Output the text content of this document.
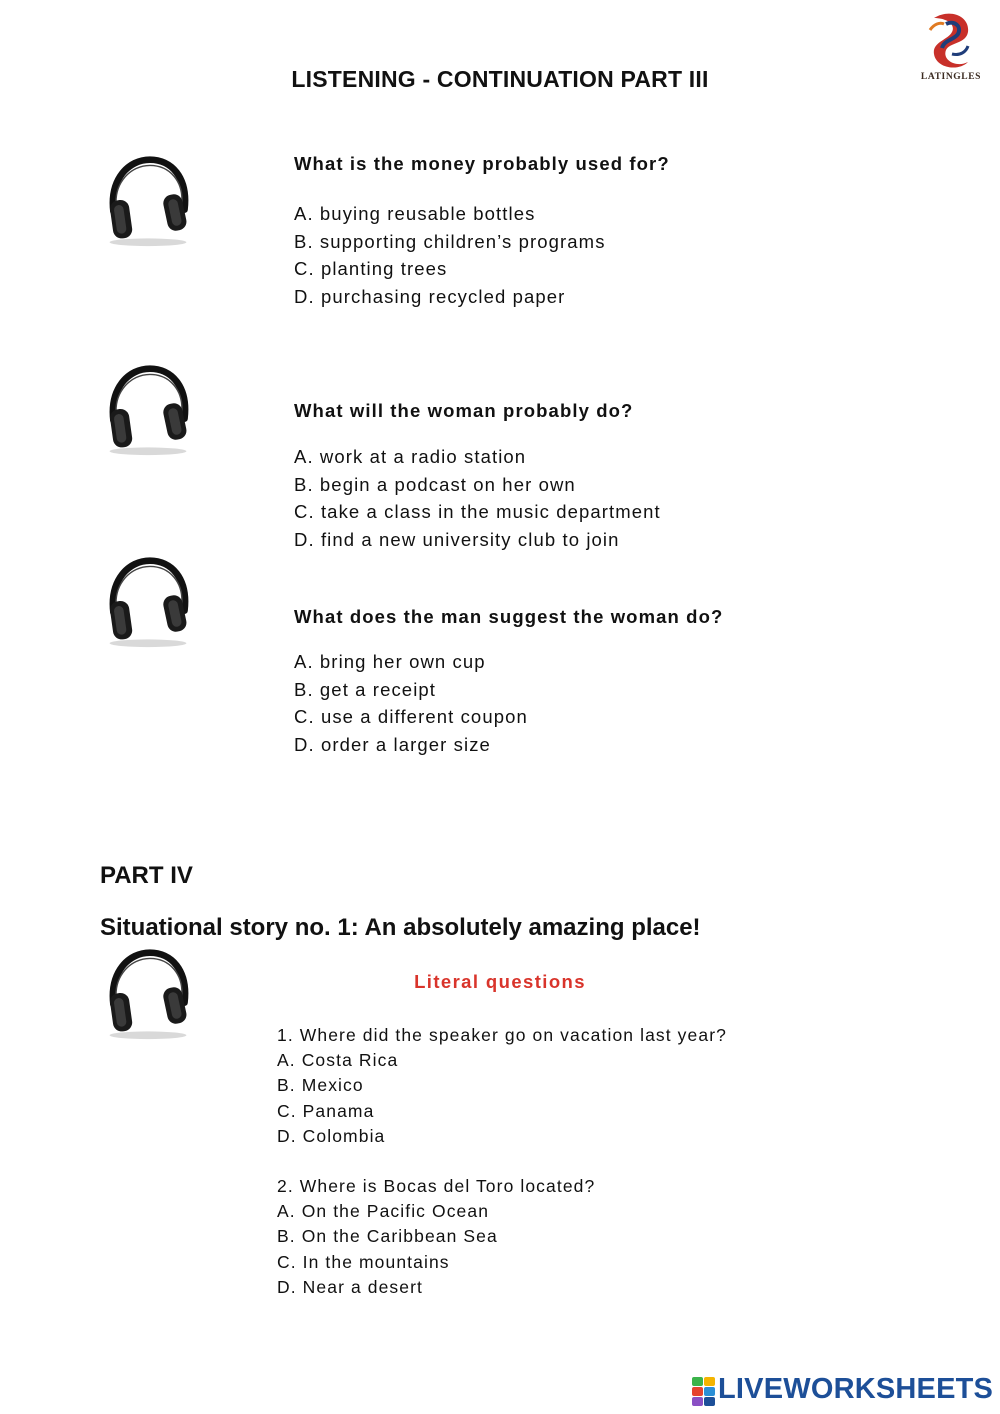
LISTENING - CONTINUATION PART III	LATINGLES
What is the money probably used for?
A. buying reusable bottles
B. supporting children’s programs
C. planting trees
D. purchasing recycled paper
What will the woman probably do?
A. work at a radio station
B. begin a podcast on her own
C. take a class in the music department
D. find a new university club to join
What does the man suggest the woman do?
A. bring her own cup
B. get a receipt
C. use a different coupon
D. order a larger size
PART IV
Situational story no. 1: An absolutely amazing place!
Literal questions
1. Where did the speaker go on vacation last year?
A. Costa Rica
B. Mexico
C. Panama
D. Colombia
2. Where is Bocas del Toro located?
A. On the Pacific Ocean
B. On the Caribbean Sea
C. In the mountains
D. Near a desert
LIVEWORKSHEETS
